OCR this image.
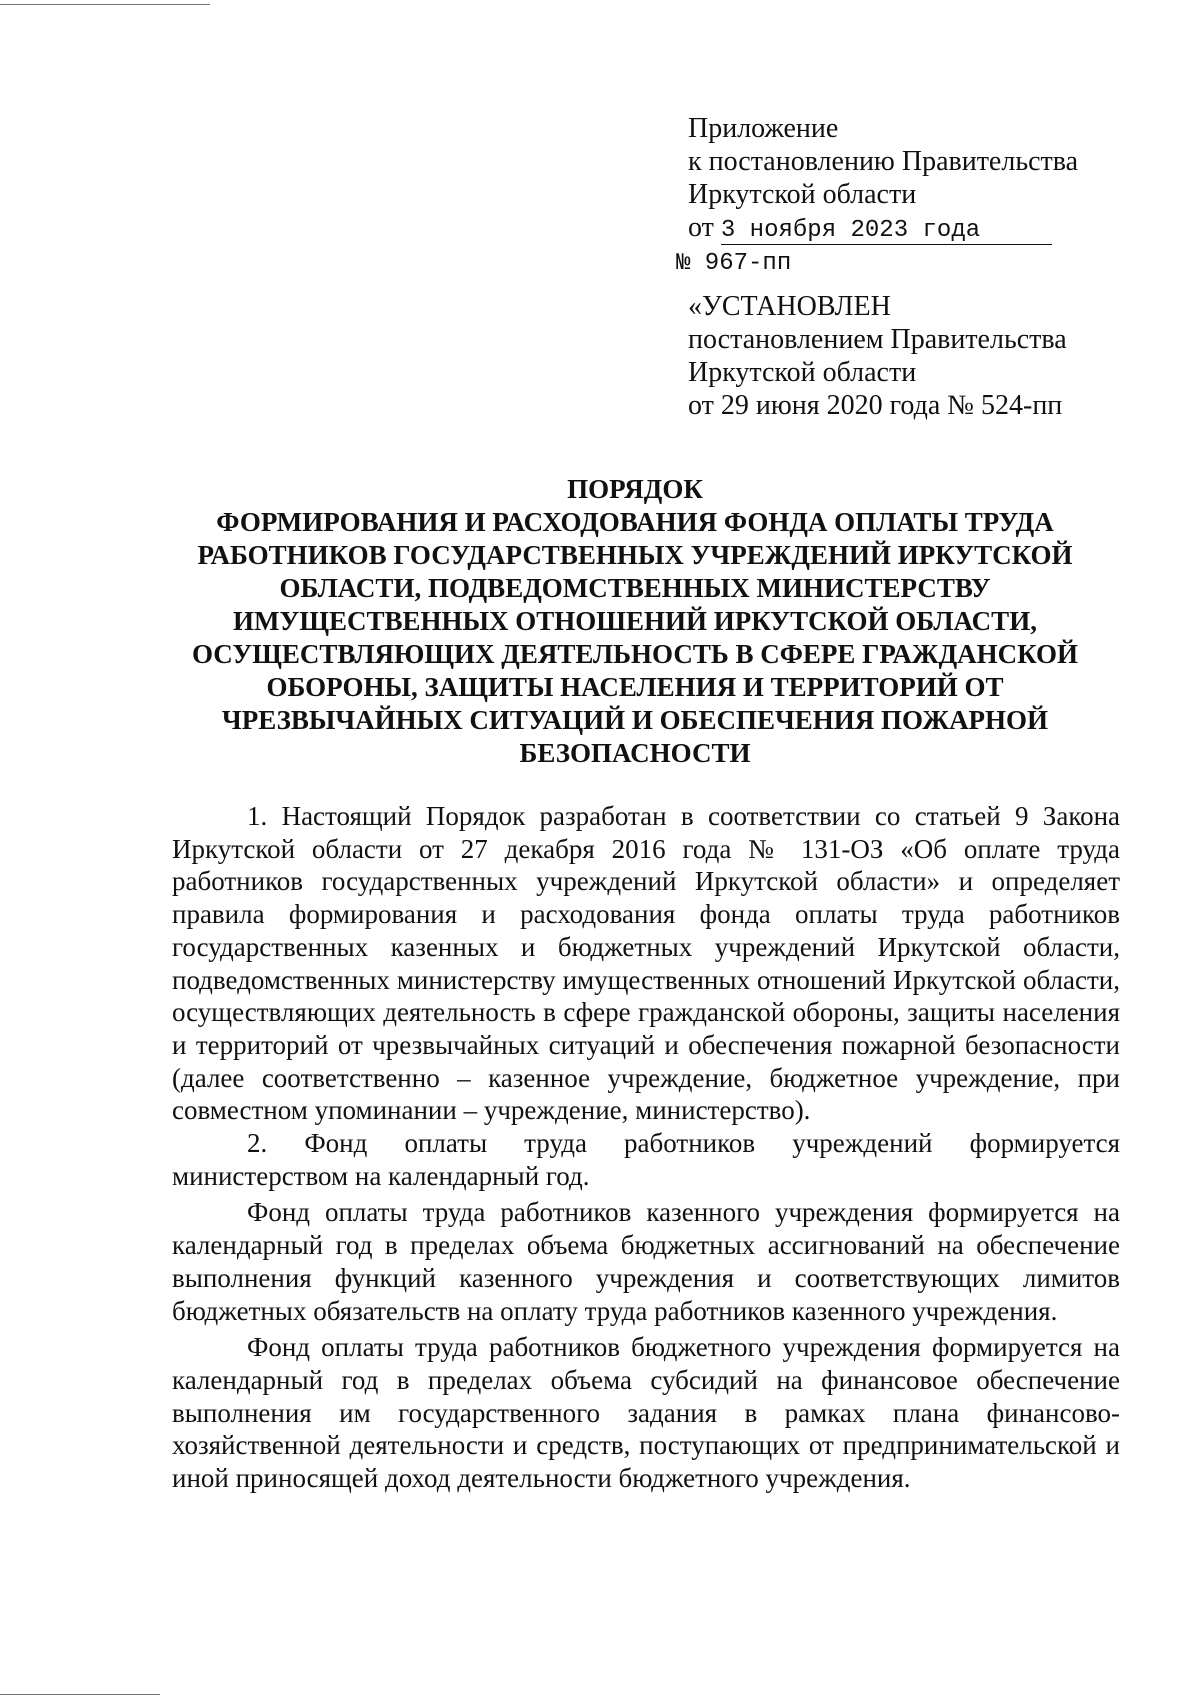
Приложение
к постановлению Правительства
Иркутской области
от 3 ноября 2023 года
№ 967-пп
«УСТАНОВЛЕН
постановлением Правительства
Иркутской области
от 29 июня 2020 года № 524-пп
ПОРЯДОК
ФОРМИРОВАНИЯ И РАСХОДОВАНИЯ ФОНДА ОПЛАТЫ ТРУДА
РАБОТНИКОВ ГОСУДАРСТВЕННЫХ УЧРЕЖДЕНИЙ ИРКУТСКОЙ
ОБЛАСТИ, ПОДВЕДОМСТВЕННЫХ МИНИСТЕРСТВУ
ИМУЩЕСТВЕННЫХ ОТНОШЕНИЙ ИРКУТСКОЙ ОБЛАСТИ,
ОСУЩЕСТВЛЯЮЩИХ ДЕЯТЕЛЬНОСТЬ В СФЕРЕ ГРАЖДАНСКОЙ
ОБОРОНЫ, ЗАЩИТЫ НАСЕЛЕНИЯ И ТЕРРИТОРИЙ ОТ
ЧРЕЗВЫЧАЙНЫХ СИТУАЦИЙ И ОБЕСПЕЧЕНИЯ ПОЖАРНОЙ
БЕЗОПАСНОСТИ

1. Настоящий Порядок разработан в соответствии со статьей 9 Закона Иркутской области от 27 декабря 2016 года № 131-ОЗ «Об оплате труда работников государственных учреждений Иркутской области» и определяет правила формирования и расходования фонда оплаты труда работников государственных казенных и бюджетных учреждений Иркутской области, подведомственных министерству имущественных отношений Иркутской области, осуществляющих деятельность в сфере гражданской обороны, защиты населения и территорий от чрезвычайных ситуаций и обеспечения пожарной безопасности (далее соответственно – казенное учреждение, бюджетное учреждение, при совместном упоминании – учреждение, министерство).

2. Фонд оплаты труда работников учреждений формируется министерством на календарный год.

Фонд оплаты труда работников казенного учреждения формируется на календарный год в пределах объема бюджетных ассигнований на обеспечение выполнения функций казенного учреждения и соответствующих лимитов бюджетных обязательств на оплату труда работников казенного учреждения.

Фонд оплаты труда работников бюджетного учреждения формируется на календарный год в пределах объема субсидий на финансовое обеспечение выполнения им государственного задания в рамках плана финансово-хозяйственной деятельности и средств, поступающих от предпринимательской и иной приносящей доход деятельности бюджетного учреждения.
